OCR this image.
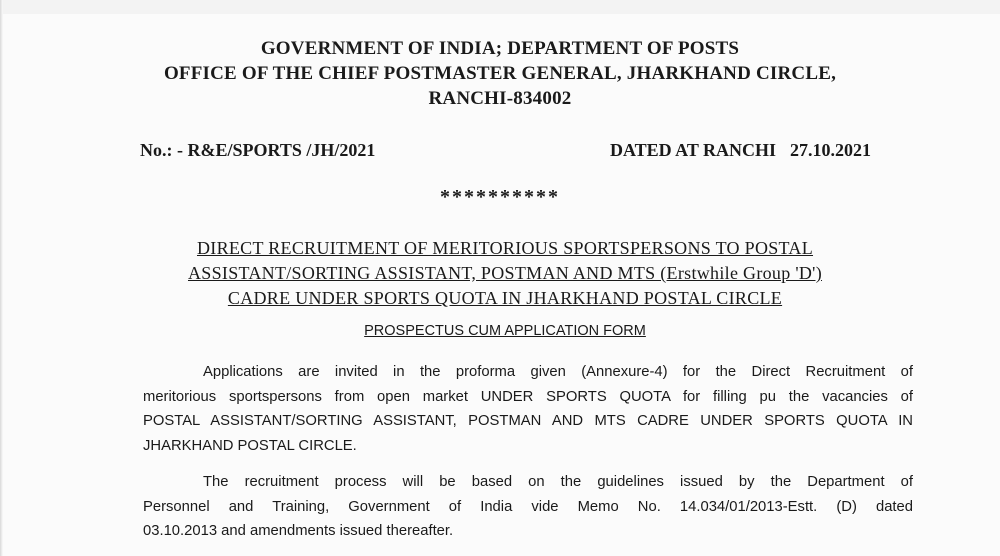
GOVERNMENT OF INDIA; DEPARTMENT OF POSTS
OFFICE OF THE CHIEF POSTMASTER GENERAL, JHARKHAND CIRCLE,
RANCHI-834002
No.: - R&E/SPORTS /JH/2021	DATED AT RANCHI 27.10.2021
**********
DIRECT RECRUITMENT OF MERITORIOUS SPORTSPERSONS TO POSTAL
ASSISTANT/SORTING ASSISTANT, POSTMAN AND MTS (Erstwhile Group 'D')
CADRE UNDER SPORTS QUOTA IN JHARKHAND POSTAL CIRCLE
PROSPECTUS CUM APPLICATION FORM
Applications are invited in the proforma given (Annexure-4) for the Direct Recruitment of
meritorious sportspersons from open market UNDER SPORTS QUOTA for filling pu the vacancies of
POSTAL ASSISTANT/SORTING ASSISTANT, POSTMAN AND MTS CADRE UNDER SPORTS QUOTA IN
JHARKHAND POSTAL CIRCLE.
The recruitment process will be based on the guidelines issued by the Department of
Personnel and Training, Government of India vide Memo No. 14.034/01/2013-Estt. (D) dated
03.10.2013 and amendments issued thereafter.
